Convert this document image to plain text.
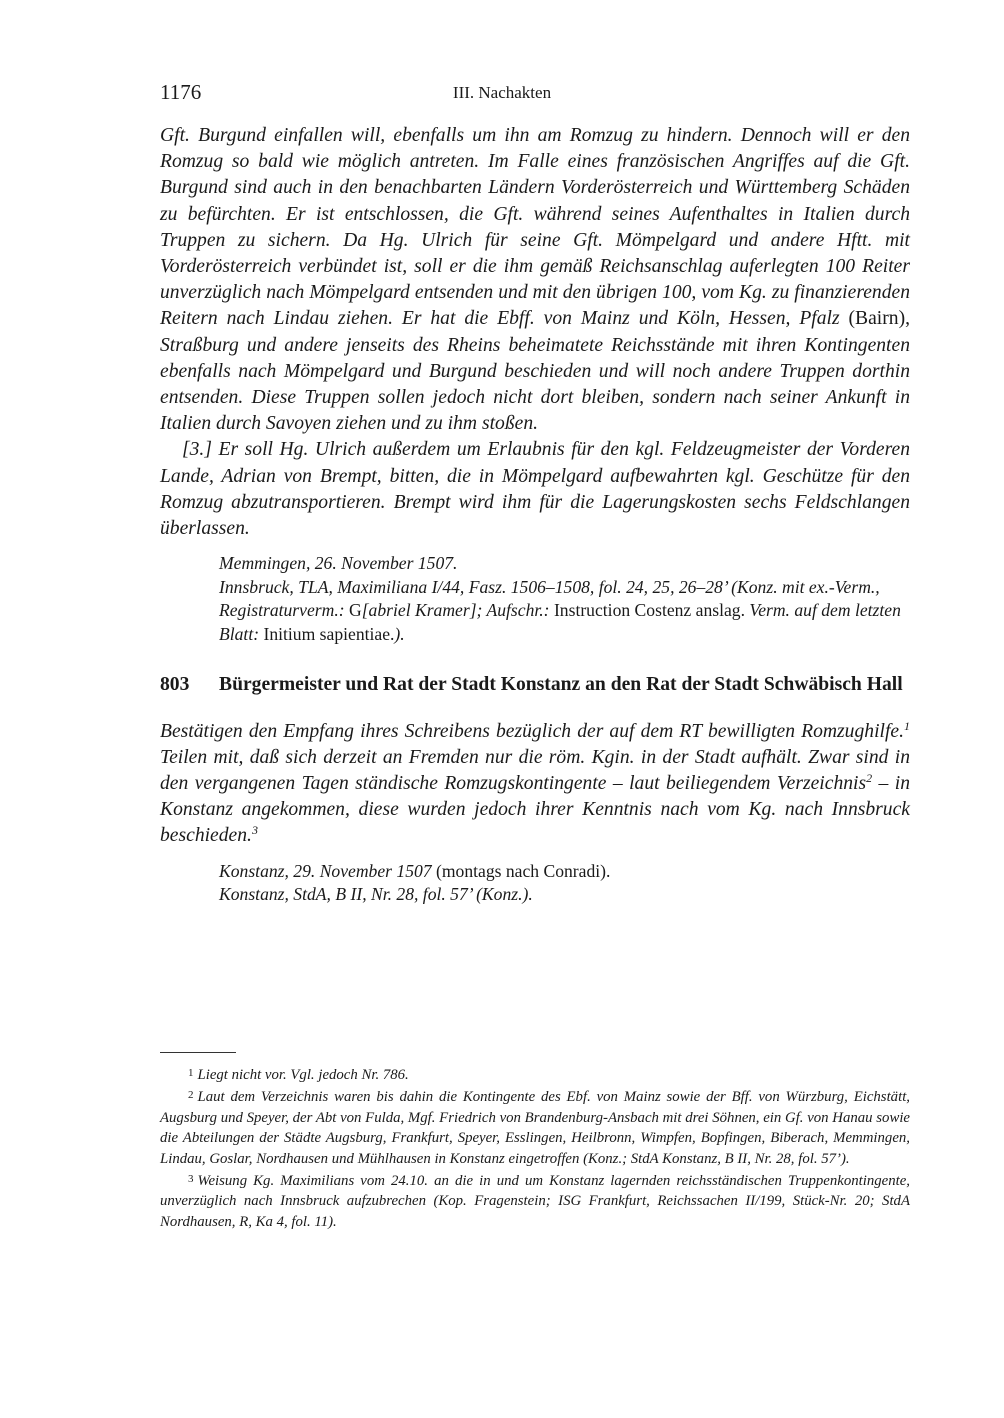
1176	III. Nachakten

Gft. Burgund einfallen will, ebenfalls um ihn am Romzug zu hindern. Dennoch will er den Romzug so bald wie möglich antreten. Im Falle eines französischen Angriffes auf die Gft. Burgund sind auch in den benachbarten Ländern Vorderösterreich und Württemberg Schäden zu befürchten. Er ist entschlossen, die Gft. während seines Aufenthaltes in Italien durch Truppen zu sichern. Da Hg. Ulrich für seine Gft. Mömpelgard und andere Hftt. mit Vorderösterreich verbündet ist, soll er die ihm gemäß Reichsanschlag auferlegten 100 Reiter unverzüglich nach Mömpelgard entsenden und mit den übrigen 100, vom Kg. zu finanzierenden Reitern nach Lindau ziehen. Er hat die Ebff. von Mainz und Köln, Hessen, Pfalz (Bairn), Straßburg und andere jenseits des Rheins beheimatete Reichsstände mit ihren Kontingenten ebenfalls nach Mömpelgard und Burgund beschieden und will noch andere Truppen dorthin entsenden. Diese Truppen sollen jedoch nicht dort bleiben, sondern nach seiner Ankunft in Italien durch Savoyen ziehen und zu ihm stoßen.

[3.] Er soll Hg. Ulrich außerdem um Erlaubnis für den kgl. Feldzeugmeister der Vorderen Lande, Adrian von Brempt, bitten, die in Mömpelgard aufbewahrten kgl. Geschütze für den Romzug abzutransportieren. Brempt wird ihm für die Lagerungskosten sechs Feldschlangen überlassen.

Memmingen, 26. November 1507.
Innsbruck, TLA, Maximiliana I/44, Fasz. 1506–1508, fol. 24, 25, 26–28’ (Konz. mit ex.-Verm., Registraturverm.: G[abriel Kramer]; Aufschr.: Instruction Costenz anslag. Verm. auf dem letzten Blatt: Initium sapientiae.).
803	Bürgermeister und Rat der Stadt Konstanz an den Rat der Stadt Schwäbisch Hall

Bestätigen den Empfang ihres Schreibens bezüglich der auf dem RT bewilligten Romzughilfe.$^1$ Teilen mit, daß sich derzeit an Fremden nur die röm. Kgin. in der Stadt aufhält. Zwar sind in den vergangenen Tagen ständische Romzugskontingente – laut beiliegendem Verzeichnis$^2$ – in Konstanz angekommen, diese wurden jedoch ihrer Kenntnis nach vom Kg. nach Innsbruck beschieden.$^3$

Konstanz, 29. November 1507 (montags nach Conradi).
Konstanz, StdA, B II, Nr. 28, fol. 57’ (Konz.).

$^1$ Liegt nicht vor. Vgl. jedoch Nr. 786.

$^2$ Laut dem Verzeichnis waren bis dahin die Kontingente des Ebf. von Mainz sowie der Bff. von Würzburg, Eichstätt, Augsburg und Speyer, der Abt von Fulda, Mgf. Friedrich von Brandenburg-Ansbach mit drei Söhnen, ein Gf. von Hanau sowie die Abteilungen der Städte Augsburg, Frankfurt, Speyer, Esslingen, Heilbronn, Wimpfen, Bopfingen, Biberach, Memmingen, Lindau, Goslar, Nordhausen und Mühlhausen in Konstanz eingetroffen (Konz.; StdA Konstanz, B II, Nr. 28, fol. 57’).

$^3$ Weisung Kg. Maximilians vom 24.10. an die in und um Konstanz lagernden reichsständischen Truppenkontingente, unverzüglich nach Innsbruck aufzubrechen (Kop. Fragenstein; ISG Frankfurt, Reichssachen II/199, Stück-Nr. 20; StdA Nordhausen, R, Ka 4, fol. 11).
